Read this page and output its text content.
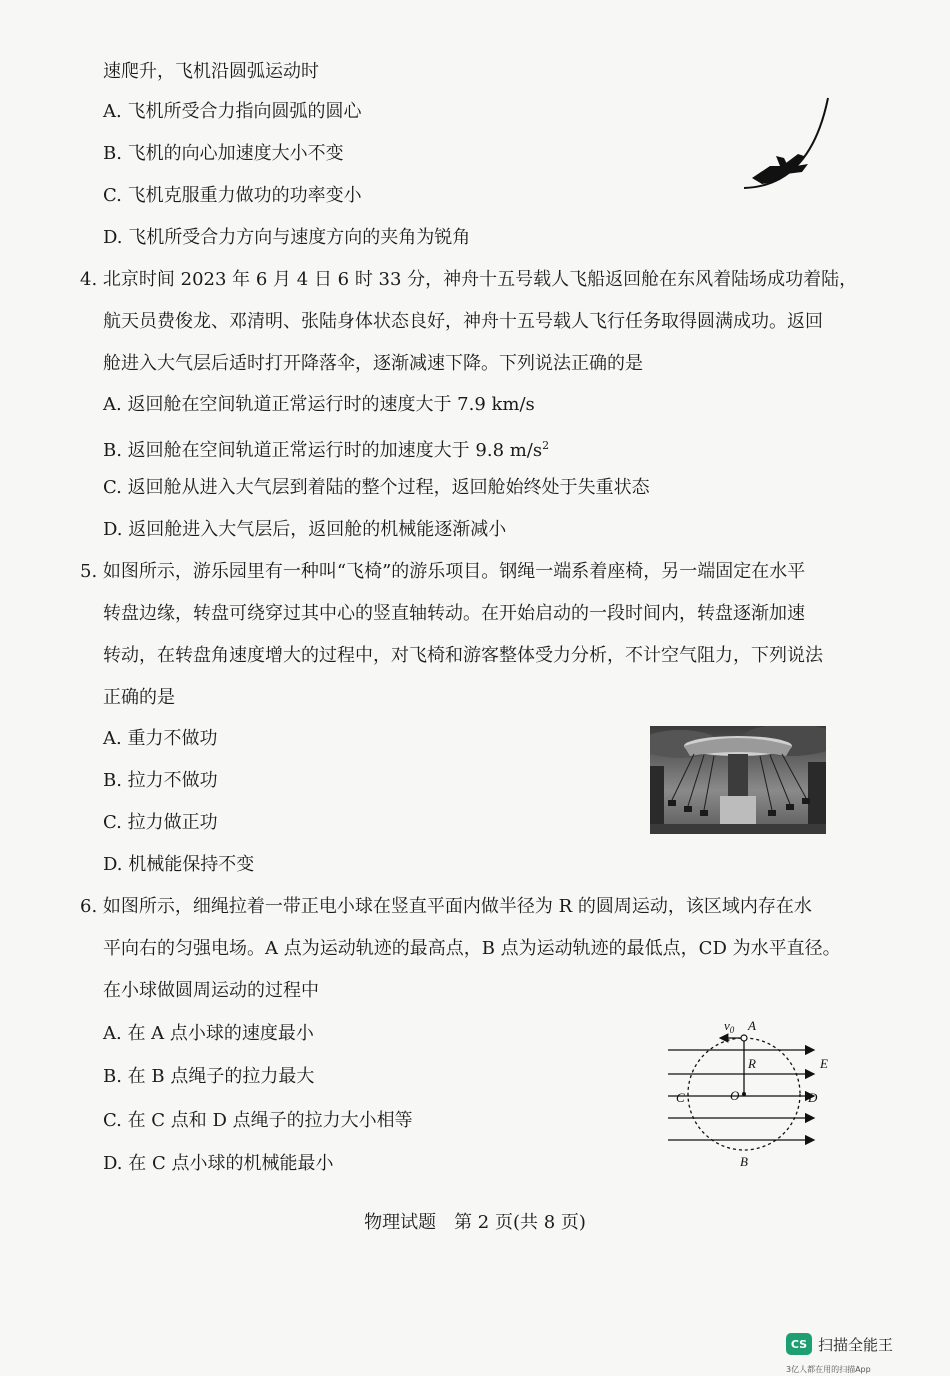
速爬升，飞机沿圆弧运动时
A. 飞机所受合力指向圆弧的圆心
B. 飞机的向心加速度大小不变
C. 飞机克服重力做功的功率变小
D. 飞机所受合力方向与速度方向的夹角为锐角
4. 北京时间 2023 年 6 月 4 日 6 时 33 分，神舟十五号载人飞船返回舱在东风着陆场成功着陆，
航天员费俊龙、邓清明、张陆身体状态良好，神舟十五号载人飞行任务取得圆满成功。返回
舱进入大气层后适时打开降落伞，逐渐减速下降。下列说法正确的是
A. 返回舱在空间轨道正常运行时的速度大于 7.9 km/s
B. 返回舱在空间轨道正常运行时的加速度大于 9.8 $m/s^2$
C. 返回舱从进入大气层到着陆的整个过程，返回舱始终处于失重状态
D. 返回舱进入大气层后，返回舱的机械能逐渐减小
5. 如图所示，游乐园里有一种叫“飞椅”的游乐项目。钢绳一端系着座椅，另一端固定在水平
转盘边缘，转盘可绕穿过其中心的竖直轴转动。在开始启动的一段时间内，转盘逐渐加速
转动，在转盘角速度增大的过程中，对飞椅和游客整体受力分析，不计空气阻力，下列说法
正确的是
A. 重力不做功
B. 拉力不做功
C. 拉力做正功
D. 机械能保持不变
6. 如图所示，细绳拉着一带正电小球在竖直平面内做半径为 R 的圆周运动，该区域内存在水
平向右的匀强电场。A 点为运动轨迹的最高点，B 点为运动轨迹的最低点，CD 为水平直径。
在小球做圆周运动的过程中
A. 在 A 点小球的速度最小
B. 在 B 点绳子的拉力最大
C. 在 C 点和 D 点绳子的拉力大小相等
D. 在 C 点小球的机械能最小
$v_0$ A
R	E
C	O	D
B
物理试题　第 2 页(共 8 页)
CS 扫描全能王
3亿人都在用的扫描App
